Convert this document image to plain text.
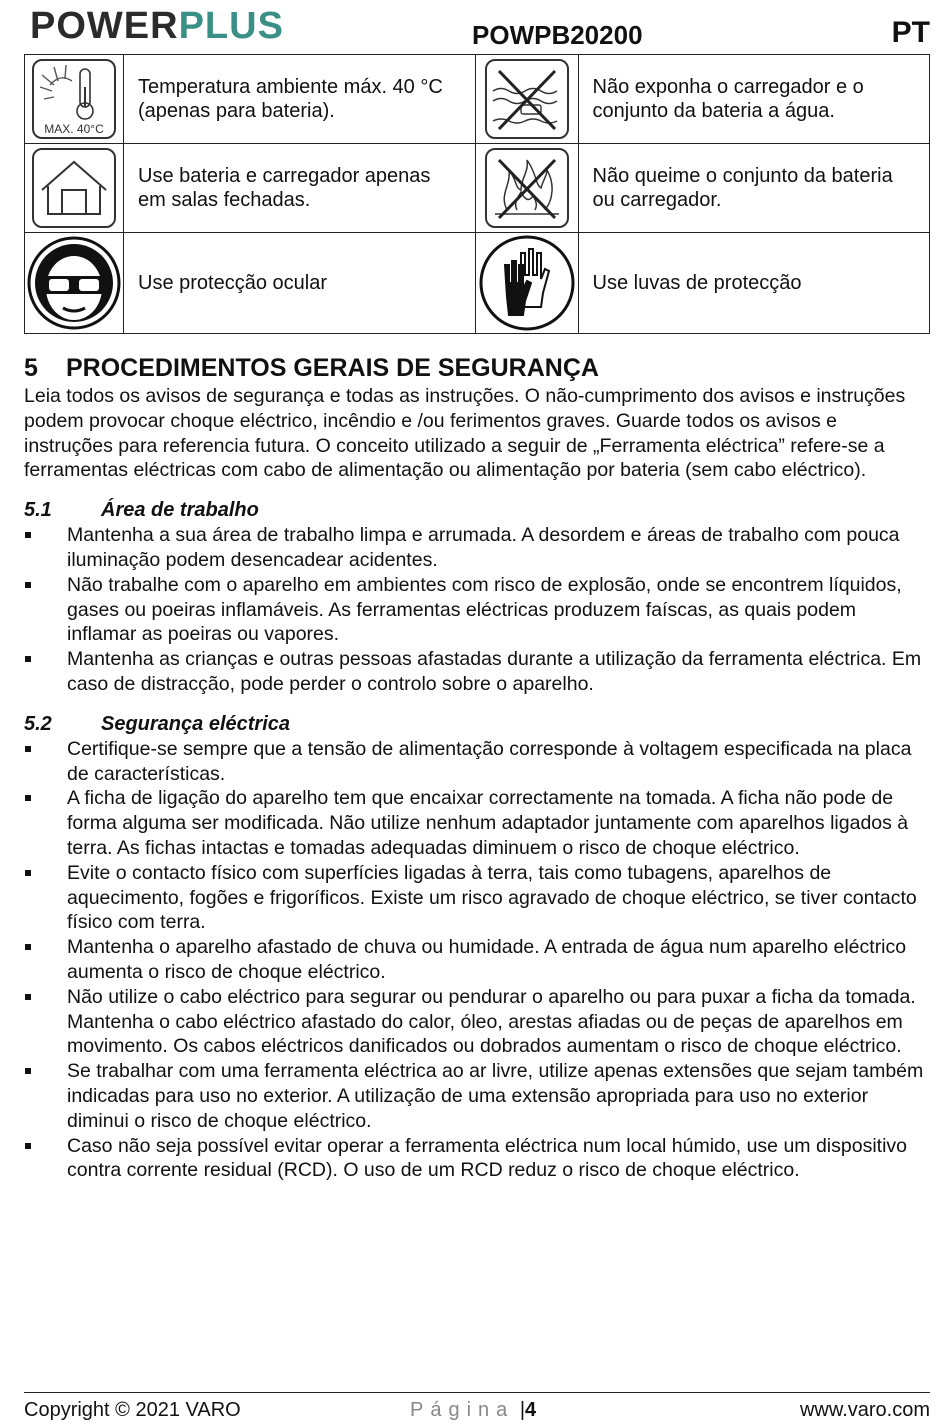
POWERPLUS	POWPB20200	PT
MAX. 40°C	Temperatura ambiente máx. 40 °C (apenas para bateria).		Não exponha o carregador e o conjunto da bateria a água.
	Use bateria e carregador apenas em salas fechadas.		Não queime o conjunto da bateria ou carregador.
	Use protecção ocular		Use luvas de protecção
5 PROCEDIMENTOS GERAIS DE SEGURANÇA

Leia todos os avisos de segurança e todas as instruções. O não-cumprimento dos avisos e instruções podem provocar choque eléctrico, incêndio e /ou ferimentos graves. Guarde todos os avisos e instruções para referencia futura. O conceito utilizado a seguir de „Ferramenta eléctrica” refere-se a ferramentas eléctricas com cabo de alimentação ou alimentação por bateria (sem cabo eléctrico).

5.1 Área de trabalho
Mantenha a sua área de trabalho limpa e arrumada. A desordem e áreas de trabalho com pouca iluminação podem desencadear acidentes.
Não trabalhe com o aparelho em ambientes com risco de explosão, onde se encontrem líquidos, gases ou poeiras inflamáveis. As ferramentas eléctricas produzem faíscas, as quais podem inflamar as poeiras ou vapores.
Mantenha as crianças e outras pessoas afastadas durante a utilização da ferramenta eléctrica. Em caso de distracção, pode perder o controlo sobre o aparelho.
5.2 Segurança eléctrica
Certifique-se sempre que a tensão de alimentação corresponde à voltagem especificada na placa de características.
A ficha de ligação do aparelho tem que encaixar correctamente na tomada. A ficha não pode de forma alguma ser modificada. Não utilize nenhum adaptador juntamente com aparelhos ligados à terra. As fichas intactas e tomadas adequadas diminuem o risco de choque eléctrico.
Evite o contacto físico com superfícies ligadas à terra, tais como tubagens, aparelhos de aquecimento, fogões e frigoríficos. Existe um risco agravado de choque eléctrico, se tiver contacto físico com terra.
Mantenha o aparelho afastado de chuva ou humidade. A entrada de água num aparelho eléctrico aumenta o risco de choque eléctrico.
Não utilize o cabo eléctrico para segurar ou pendurar o aparelho ou para puxar a ficha da tomada. Mantenha o cabo eléctrico afastado do calor, óleo, arestas afiadas ou de peças de aparelhos em movimento. Os cabos eléctricos danificados ou dobrados aumentam o risco de choque eléctrico.
Se trabalhar com uma ferramenta eléctrica ao ar livre, utilize apenas extensões que sejam também indicadas para uso no exterior. A utilização de uma extensão apropriada para uso no exterior diminui o risco de choque eléctrico.
Caso não seja possível evitar operar a ferramenta eléctrica num local húmido, use um dispositivo contra corrente residual (RCD). O uso de um RCD reduz o risco de choque eléctrico.
Copyright © 2021 VARO	Página |4	www.varo.com
